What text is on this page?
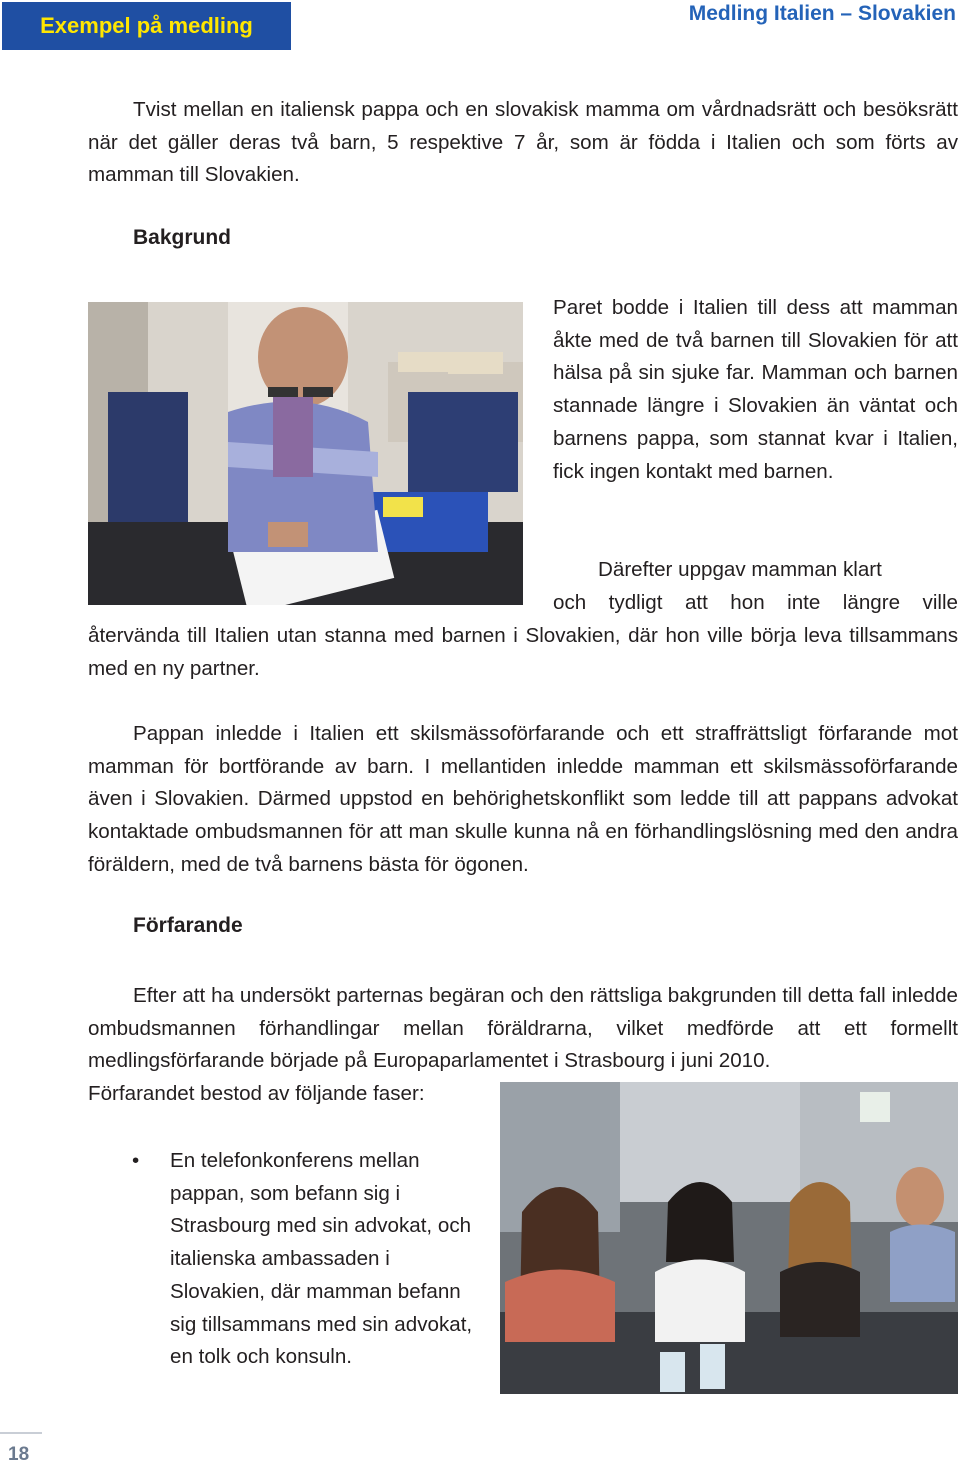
Exempel på medling	Medling Italien – Slovakien

Tvist mellan en italiensk pappa och en slovakisk mamma om vårdnadsrätt och besöksrätt när det gäller deras två barn, 5 respektive 7 år, som är födda i Italien och som förts av mamman till Slovakien.

Bakgrund

Paret bodde i Italien till dess att mamman åkte med de två barnen till Slovakien för att hälsa på sin sjuke far. Mamman och barnen stannade längre i Slovakien än väntat och barnens pappa, som stannat kvar i Italien, fick ingen kontakt med barnen.

Därefter uppgav mamman klart

och tydligt att hon inte längre ville

återvända till Italien utan stanna med barnen i Slovakien, där hon ville börja leva tillsammans med en ny partner.

Pappan inledde i Italien ett skilsmässoförfarande och ett straffrättsligt förfarande mot mamman för bortförande av barn. I mellantiden inledde mamman ett skilsmässoförfarande även i Slovakien. Därmed uppstod en behörighetskonflikt som ledde till att pappans advokat kontaktade ombudsmannen för att man skulle kunna nå en förhandlingslösning med den andra föräldern, med de två barnens bästa för ögonen.

Förfarande

Efter att ha undersökt parternas begäran och den rättsliga bakgrunden till detta fall inledde ombudsmannen förhandlingar mellan föräldrarna, vilket medförde att ett formellt medlingsförfarande började på Europaparlamentet i Strasbourg i juni 2010.

Förfarandet bestod av följande faser:

• En telefonkonferens mellan pappan, som befann sig i Strasbourg med sin advokat, och italienska ambassaden i Slovakien, där mamman befann sig tillsammans med sin advokat, en tolk och konsuln.
18
